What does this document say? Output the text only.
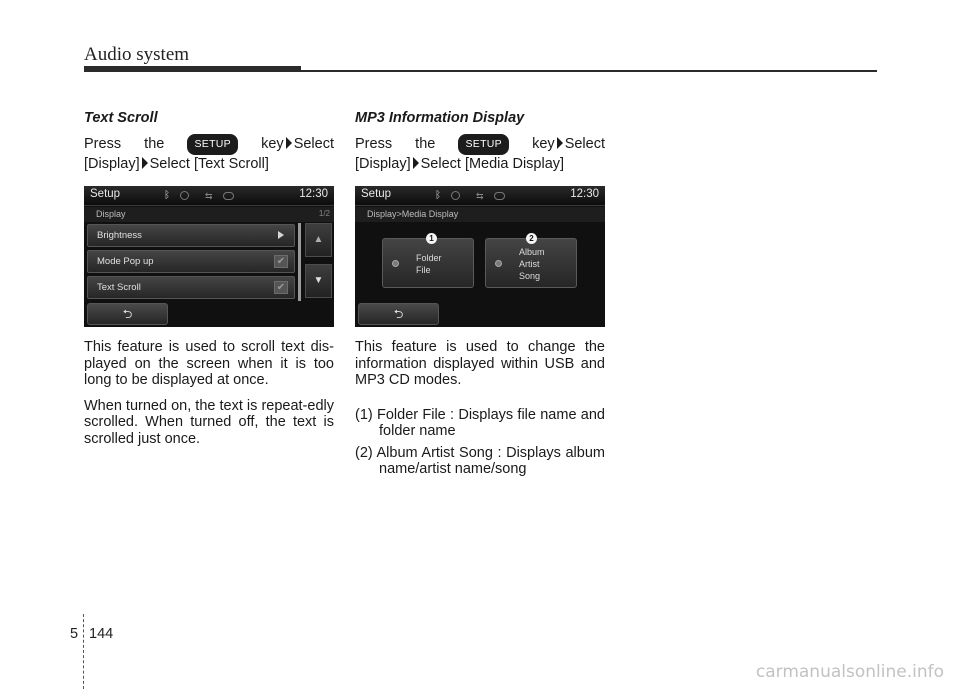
Audio system
Text Scroll
Press the	SETUP key Select
[Display] Select [Text Scroll]
Setup	ᛒ	⇆	12:30
Display	1/2
Brightness
Mode Pop up	✔
Text Scroll	✔
▲
▼
⮌
This feature is used to scroll text dis-played on the screen when it is too long to be displayed at once.
When turned on, the text is repeat-edly scrolled. When turned off, the text is scrolled just once.
MP3 Information Display
Press the	SETUP key Select
[Display] Select [Media Display]
Setup	ᛒ	⇆	12:30
Display>Media Display
Folder
File
Album
Artist
Song
1	2
⮌
This feature is used to change the information displayed within USB and MP3 CD modes.
(1) Folder File : Displays file name and folder name
(2) Album Artist Song : Displays album name/artist name/song
5 144
carmanualsonline.info
